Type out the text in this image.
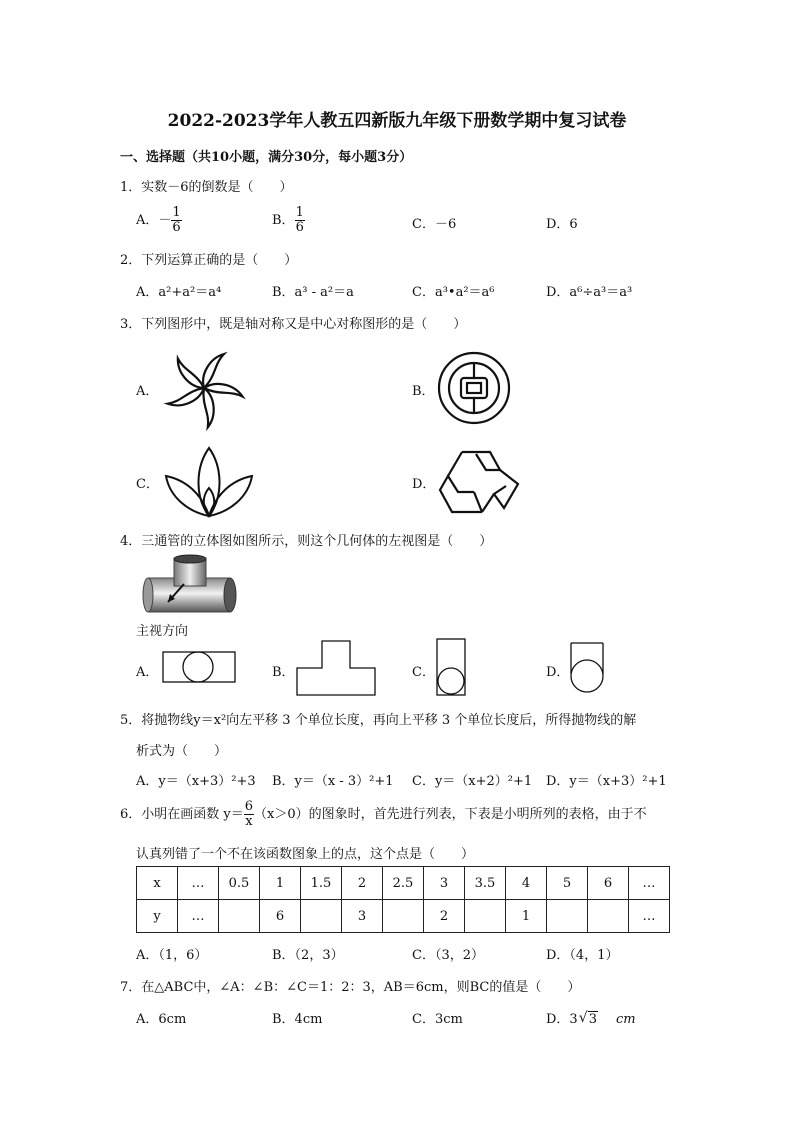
2022-2023学年人教五四新版九年级下册数学期中复习试卷
一、选择题（共10小题，满分30分，每小题3分）
1．实数－6的倒数是（　　）
A．－ $\frac{1}{6}$	B． $\frac{1}{6}$	C．－6	D．6
2．下列运算正确的是（　　）
A．a²+a²＝a⁴	B．a³ - a²＝a	C．a³•a²＝a⁶	D．a⁶÷a³＝a³
3．下列图形中，既是轴对称又是中心对称图形的是（　　）
A．	B．
C．	D．
4．三通管的立体图如图所示，则这个几何体的左视图是（　　）
主视方向
A．	B．	C．	D．
5．将抛物线y＝x²向左平移 3 个单位长度，再向上平移 3 个单位长度后，所得抛物线的解
析式为（　　）
A．y＝（x+3）²+3 B．y＝（x - 3）²+1 C．y＝（x+2）²+1 D．y＝（x+3）²+1
6．小明在画函数 $y= \frac{6}{x} (x>0)$的图象时，首先进行列表，下表是小明所列的表格，由于不
认真列错了一个不在该函数图象上的点，这个点是（　　）
x	…	0.5	1	1.5	2	2.5	3	3.5	4	5	6	…
y	…		6		3		2		1			…
A．（1，6）	B．（2，3）	C．（3，2）	D．（4，1）
7．在△ABC中，∠A：∠B：∠C＝1：2：3，AB＝6cm，则BC的值是（　　）
A．6cm	B．4cm	C．3cm	D．3 √ 3 cm
